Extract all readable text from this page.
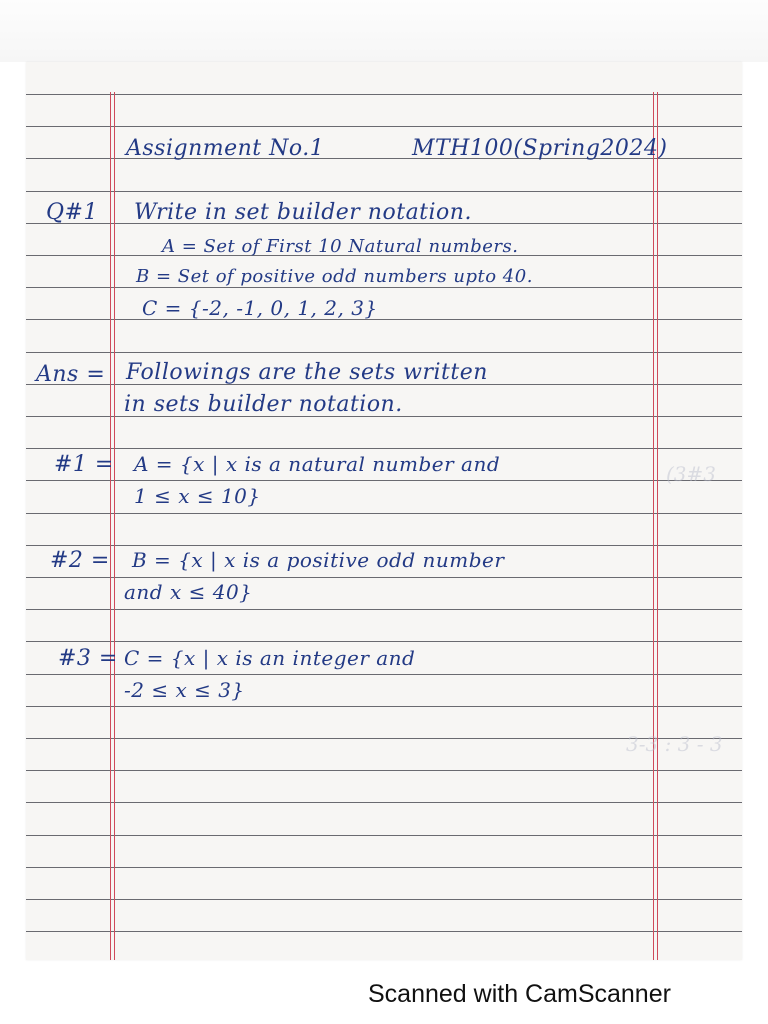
3-3 : 3 - 3
(3#3
Assignment No.1	MTH100(Spring2024)
Q#1 Write in set builder notation.
A = Set of First 10 Natural numbers.
B = Set of positive odd numbers upto 40.
C = {-2, -1, 0, 1, 2, 3}
Ans = Followings are the sets written
in sets builder notation.
#1 = A = {x | x is a natural number and
1 ≤ x ≤ 10}
#2 = B = {x | x is a positive odd number
and x ≤ 40}
#3 = C = {x | x is an integer and
-2 ≤ x ≤ 3}
Scanned with CamScanner
